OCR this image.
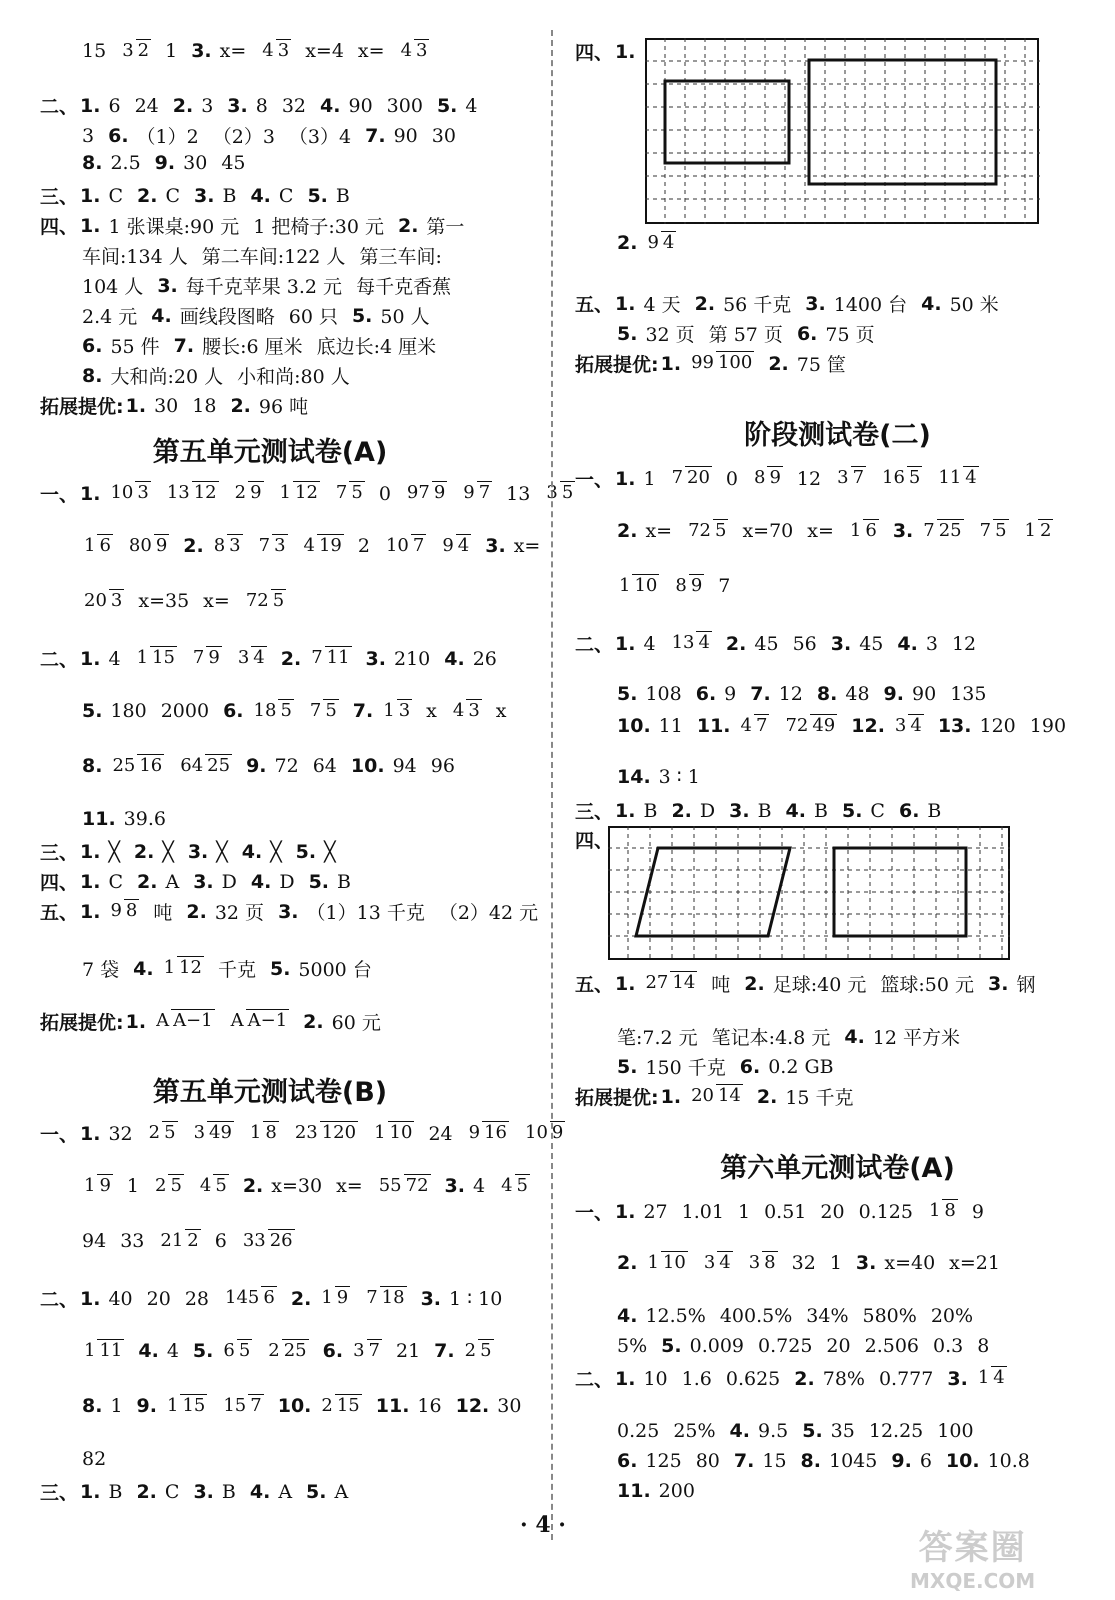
15 3 2 1 3. x= 4 3 x=4 x= 4 3
二、 1. 6 24 2. 3 3. 8 32 4. 90 300 5. 4
3 6. （1）2 （2）3 （3）4 7. 90 30
8. 2.5 9. 30 45
三、 1. C 2. C 3. B 4. C 5. B
四、 1. 1 张课桌:90 元 1 把椅子:30 元 2. 第一
车间:134 人 第二车间:122 人 第三车间:
104 人 3. 每千克苹果 3.2 元 每千克香蕉
2.4 元 4. 画线段图略 60 只 5. 50 人
6. 55 件 7. 腰长:6 厘米 底边长:4 厘米
8. 大和尚:20 人 小和尚:80 人
拓展提优: 1. 30 18 2. 96 吨
一、 1. 10 3 13 12 2 9 1 12 7 5 0 97 9 9 7 13 3 5
1 6 80 9 2. 8 3 7 3 4 19 2 10 7 9 4 3. x=
20 3 x=35 x= 72 5
二、 1. 4 1 15 7 9 3 4 2. 7 11 3. 210 4. 26
5. 180 2000 6. 18 5 7 5 7. 1 3 x 4 3 x
8. 25 16 64 25 9. 72 64 10. 94 96
11. 39.6
三、 1. ╳ 2. ╳ 3. ╳ 4. ╳ 5. ╳
四、 1. C 2. A 3. D 4. D 5. B
五、 1. 9 8 吨 2. 32 页 3. （1）13 千克 （2）42 元
7 袋 4. 1 12 千克 5. 5000 台
拓展提优: 1. A A−1 A A−1 2. 60 元
一、 1. 32 2 5 3 49 1 8 23 120 1 10 24 9 16 10 9
1 9 1 2 5 4 5 2. x=30 x= 55 72 3. 4 4 5
94 33 21 2 6 33 26
二、 1. 40 20 28 145 6 2. 1 9 7 18 3. 1 ∶ 10
1 11 4. 4 5. 6 5 2 25 6. 3 7 21 7. 2 5
8. 1 9. 1 15 15 7 10. 2 15 11. 16 12. 30
82
三、 1. B 2. C 3. B 4. A 5. A
第五单元测试卷(A)
第五单元测试卷(B)
四、 1.
2. 9 4
五、 1. 4 天 2. 56 千克 3. 1400 台 4. 50 米
5. 32 页 第 57 页 6. 75 页
拓展提优: 1. 99 100 2. 75 筐
一、 1. 1 7 20 0 8 9 12 3 7 16 5 11 4
2. x= 72 5 x=70 x= 1 6 3. 7 25 7 5 1 2
1 10 8 9 7
二、 1. 4 13 4 2. 45 56 3. 45 4. 3 12
5. 108 6. 9 7. 12 8. 48 9. 90 135
10. 11 11. 4 7 72 49 12. 3 4 13. 120 190
14. 3 ∶ 1
三、 1. B 2. D 3. B 4. B 5. C 6. B
四、
五、 1. 27 14 吨 2. 足球:40 元 篮球:50 元 3. 钢
笔:7.2 元 笔记本:4.8 元 4. 12 平方米
5. 150 千克 6. 0.2 GB
拓展提优: 1. 20 14 2. 15 千克
一、 1. 27 1.01 1 0.51 20 0.125 1 8 9
2. 1 10 3 4 3 8 32 1 3. x=40 x=21
4. 12.5% 400.5% 34% 580% 20%
5% 5. 0.009 0.725 20 2.506 0.3 8
二、 1. 10 1.6 0.625 2. 78% 0.777 3. 1 4
0.25 25% 4. 9.5 5. 35 12.25 100
6. 125 80 7. 15 8. 1045 9. 6 10. 10.8
11. 200
阶段测试卷(二)
第六单元测试卷(A)
· 4 ·
答案圈
MXQE.COM
